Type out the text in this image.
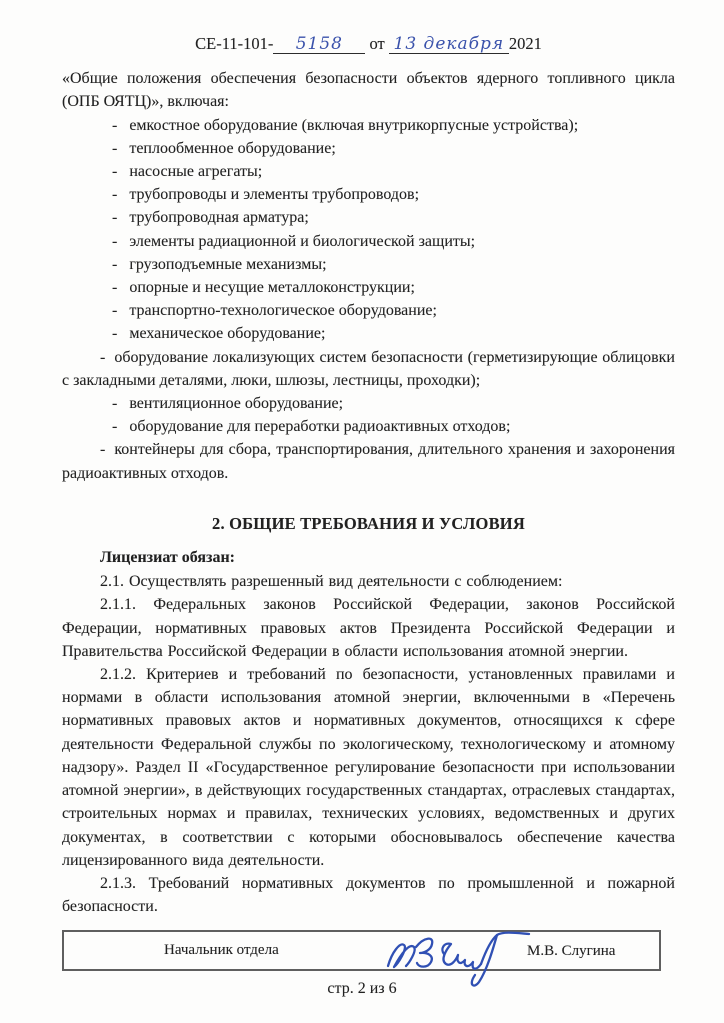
СЕ-11-101- 5158 от 13 декабря 2021

«Общие положения обеспечения безопасности объектов ядерного топливного цикла (ОПБ ОЯТЦ)», включая:

- емкостное оборудование (включая внутрикорпусные устройства);

- теплообменное оборудование;

- насосные агрегаты;

- трубопроводы и элементы трубопроводов;

- трубопроводная арматура;

- элементы радиационной и биологической защиты;

- грузоподъемные механизмы;

- опорные и несущие металлоконструкции;

- транспортно-технологическое оборудование;

- механическое оборудование;

- оборудование локализующих систем безопасности (герметизирующие облицовки с закладными деталями, люки, шлюзы, лестницы, проходки);

- вентиляционное оборудование;

- оборудование для переработки радиоактивных отходов;

- контейнеры для сбора, транспортирования, длительного хранения и захоронения радиоактивных отходов.

2. ОБЩИЕ ТРЕБОВАНИЯ И УСЛОВИЯ

Лицензиат обязан:

2.1. Осуществлять разрешенный вид деятельности с соблюдением:

2.1.1. Федеральных законов Российской Федерации, законов Российской Федерации, нормативных правовых актов Президента Российской Федерации и Правительства Российской Федерации в области использования атомной энергии.

2.1.2. Критериев и требований по безопасности, установленных правилами и нормами в области использования атомной энергии, включенными в «Перечень нормативных правовых актов и нормативных документов, относящихся к сфере деятельности Федеральной службы по экологическому, технологическому и атомному надзору». Раздел II «Государственное регулирование безопасности при использовании атомной энергии», в действующих государственных стандартах, отраслевых стандартах, строительных нормах и правилах, технических условиях, ведомственных и других документах, в соответствии с которыми обосновывалось обеспечение качества лицензированного вида деятельности.

2.1.3. Требований нормативных документов по промышленной и пожарной безопасности.

Начальник отдела	М.В. Слугина
стр. 2 из 6
